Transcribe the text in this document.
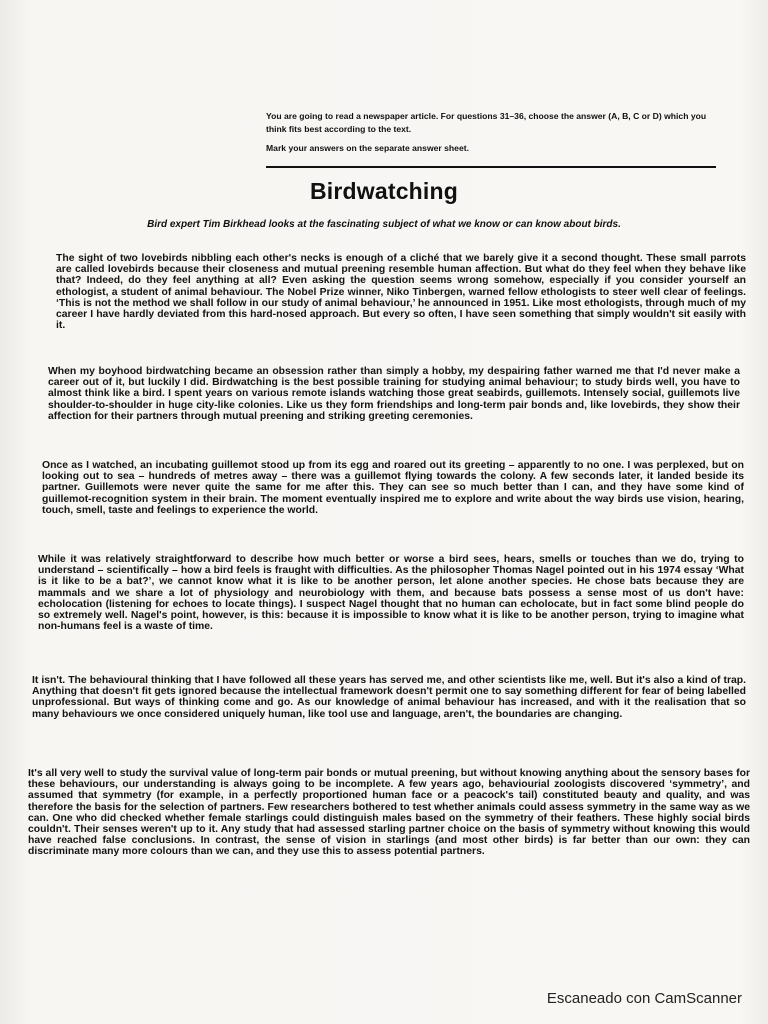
You are going to read a newspaper article. For questions 31–36, choose the answer (A, B, C or D) which you think fits best according to the text.

Mark your answers on the separate answer sheet.

Birdwatching
Bird expert Tim Birkhead looks at the fascinating subject of what we know or can know about birds.

The sight of two lovebirds nibbling each other's necks is enough of a cliché that we barely give it a second thought. These small parrots are called lovebirds because their closeness and mutual preening resemble human affection. But what do they feel when they behave like that? Indeed, do they feel anything at all? Even asking the question seems wrong somehow, especially if you consider yourself an ethologist, a student of animal behaviour. The Nobel Prize winner, Niko Tinbergen, warned fellow ethologists to steer well clear of feelings. ‘This is not the method we shall follow in our study of animal behaviour,’ he announced in 1951. Like most ethologists, through much of my career I have hardly deviated from this hard-nosed approach. But every so often, I have seen something that simply wouldn't sit easily with it.

When my boyhood birdwatching became an obsession rather than simply a hobby, my despairing father warned me that I'd never make a career out of it, but luckily I did. Birdwatching is the best possible training for studying animal behaviour; to study birds well, you have to almost think like a bird. I spent years on various remote islands watching those great seabirds, guillemots. Intensely social, guillemots live shoulder-to-shoulder in huge city-like colonies. Like us they form friendships and long-term pair bonds and, like lovebirds, they show their affection for their partners through mutual preening and striking greeting ceremonies.

Once as I watched, an incubating guillemot stood up from its egg and roared out its greeting – apparently to no one. I was perplexed, but on looking out to sea – hundreds of metres away – there was a guillemot flying towards the colony. A few seconds later, it landed beside its partner. Guillemots were never quite the same for me after this. They can see so much better than I can, and they have some kind of guillemot-recognition system in their brain. The moment eventually inspired me to explore and write about the way birds use vision, hearing, touch, smell, taste and feelings to experience the world.

While it was relatively straightforward to describe how much better or worse a bird sees, hears, smells or touches than we do, trying to understand – scientifically – how a bird feels is fraught with difficulties. As the philosopher Thomas Nagel pointed out in his 1974 essay ‘What is it like to be a bat?’, we cannot know what it is like to be another person, let alone another species. He chose bats because they are mammals and we share a lot of physiology and neurobiology with them, and because bats possess a sense most of us don't have: echolocation (listening for echoes to locate things). I suspect Nagel thought that no human can echolocate, but in fact some blind people do so extremely well. Nagel's point, however, is this: because it is impossible to know what it is like to be another person, trying to imagine what non-humans feel is a waste of time.

It isn't. The behavioural thinking that I have followed all these years has served me, and other scientists like me, well. But it's also a kind of trap. Anything that doesn't fit gets ignored because the intellectual framework doesn't permit one to say something different for fear of being labelled unprofessional. But ways of thinking come and go. As our knowledge of animal behaviour has increased, and with it the realisation that so many behaviours we once considered uniquely human, like tool use and language, aren't, the boundaries are changing.

It's all very well to study the survival value of long-term pair bonds or mutual preening, but without knowing anything about the sensory bases for these behaviours, our understanding is always going to be incomplete. A few years ago, behaviourial zoologists discovered ‘symmetry’, and assumed that symmetry (for example, in a perfectly proportioned human face or a peacock's tail) constituted beauty and quality, and was therefore the basis for the selection of partners. Few researchers bothered to test whether animals could assess symmetry in the same way as we can. One who did checked whether female starlings could distinguish males based on the symmetry of their feathers. These highly social birds couldn't. Their senses weren't up to it. Any study that had assessed starling partner choice on the basis of symmetry without knowing this would have reached false conclusions. In contrast, the sense of vision in starlings (and most other birds) is far better than our own: they can discriminate many more colours than we can, and they use this to assess potential partners.

Escaneado con CamScanner
